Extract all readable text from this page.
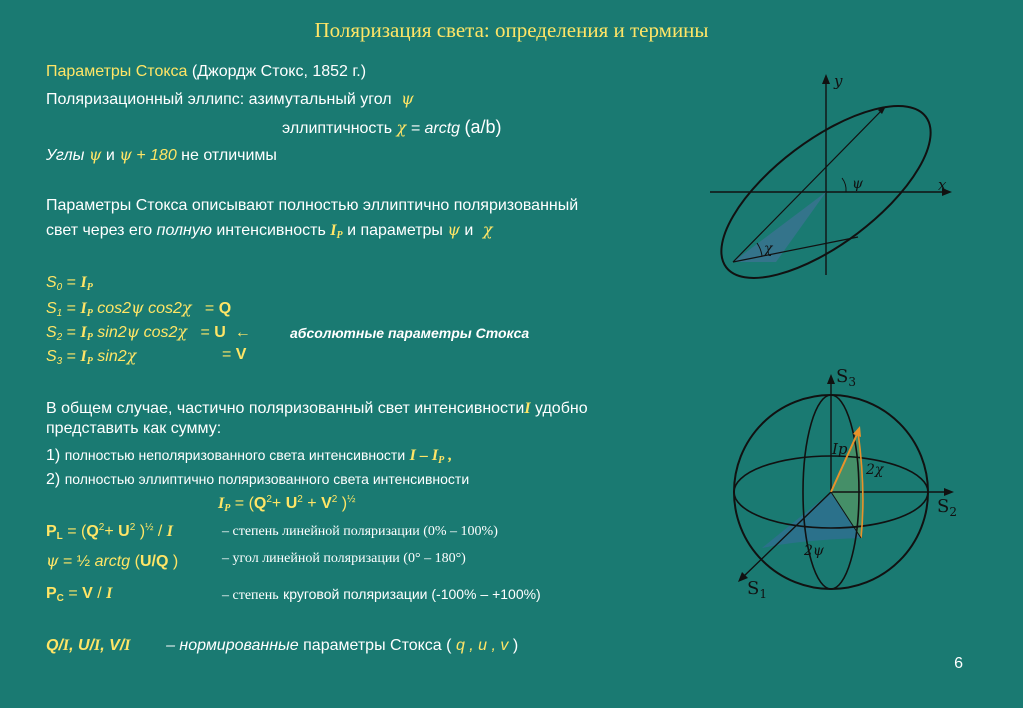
Поляризация света: определения и термины
Параметры Стокса (Джордж Стокс, 1852 г.)
Поляризационный эллипс: азимутальный угол  ψ
эллиптичность χ = arctg (a/b)
Углы ψ и ψ + 180 не отличимы
Параметры Стокса описывают полностью эллиптично поляризованный
свет через его полную интенсивность $I_P$ и параметры ψ и  χ
$S_0 = I_P$
$S_1 = I_P$ cos2ψ cos2χ   = Q
$S_2 = I_P$ sin2ψ cos2χ   = U ←	абсолютные параметры Стокса
$S_3 = I_P$ sin2χ	= V
В общем случае, частично поляризованный свет интенсивностиI удобно
представить как сумму:
1) полностью неполяризованного света интенсивности I – $I_P$ ,
2) полностью эллиптично поляризованного света интенсивности
$I_P = (Q^2+ U^2 + V^2$ )$^{\frac{1}{2}}$
$P_L = (Q^2+ U^2$ )$^{\frac{1}{2}}$ / I	– степень линейной поляризации (0% – 100%)
ψ = ½ arctg (U/Q )	– угол линейной поляризации (0° – 180°)
$P_C = V / I$	– степень круговой поляризации (-100% – +100%)
Q/I, U/I, V/I – нормированные параметры Стокса ( q , u , v )
6
y
x
ψ
χ
$S_3$
$S_2$
$S_1$
Ip
2χ
2ψ
